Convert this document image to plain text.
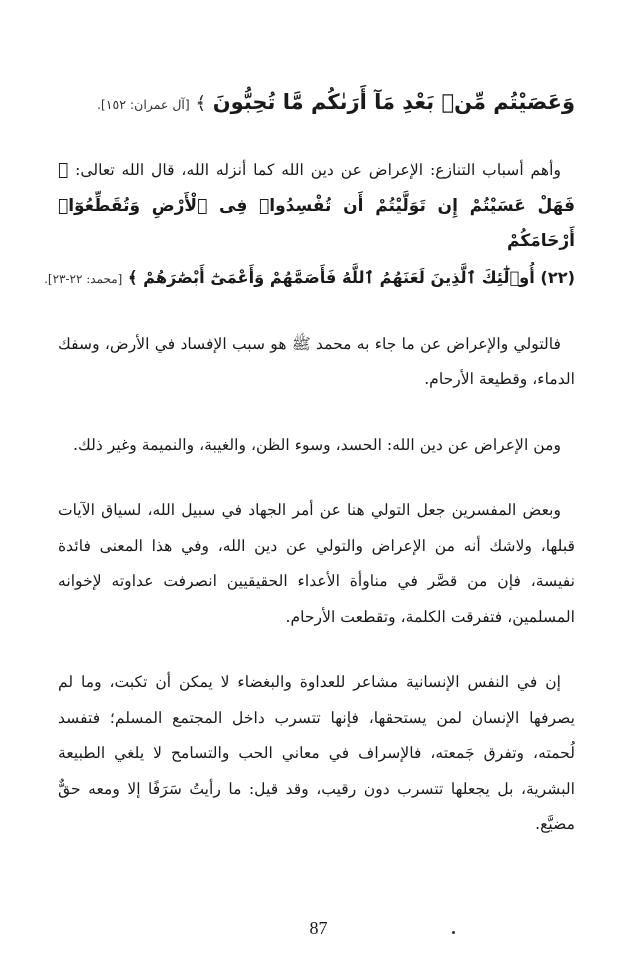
وَعَصَيْتُم مِّنۢ بَعْدِ مَآ أَرَىٰكُم مَّا تُحِبُّونَ ﴾ [آل عمران: ١٥٢].

وأهم أسباب التنازع: الإعراض عن دين الله كما أنزله الله، قال الله تعالى: ﴿ فَهَلْ عَسَيْتُمْ إِن تَوَلَّيْتُمْ أَن تُفْسِدُوا۟ فِى ٱلْأَرْضِ وَتُقَطِّعُوٓا۟ أَرْحَامَكُمْ
(٢٢) أُو۟لَٰٓئِكَ ٱلَّذِينَ لَعَنَهُمُ ٱللَّهُ فَأَصَمَّهُمْ وَأَعْمَىٰٓ أَبْصَٰرَهُمْ ﴾ [محمد: ٢٢-٢٣].

فالتولي والإعراض عن ما جاء به محمد ﷺ هو سبب الإفساد في الأرض، وسفك الدماء، وقطيعة الأرحام.

ومن الإعراض عن دين الله: الحسد، وسوء الظن، والغيبة، والنميمة وغير ذلك.

وبعض المفسرين جعل التولي هنا عن أمر الجهاد في سبيل الله، لسياق الآيات قبلها، ولاشك أنه من الإعراض والتولي عن دين الله، وفي هذا المعنى فائدة نفيسة، فإن من قصَّر في مناوأة الأعداء الحقيقيين انصرفت عداوته لإخوانه المسلمين، فتفرقت الكلمة، وتقطعت الأرحام.

إن في النفس الإنسانية مشاعر للعداوة والبغضاء لا يمكن أن تكبت، وما لم يصرفها الإنسان لمن يستحقها، فإنها تتسرب داخل المجتمع المسلم؛ فتفسد لُحمته، وتفرق جَمعته، فالإسراف في معاني الحب والتسامح لا يلغي الطبيعة البشرية، بل يجعلها تتسرب دون رقيب، وقد قيل: ما رأيتُ سَرَفًا إلا ومعه حقٌّ مضيَّع.

87
